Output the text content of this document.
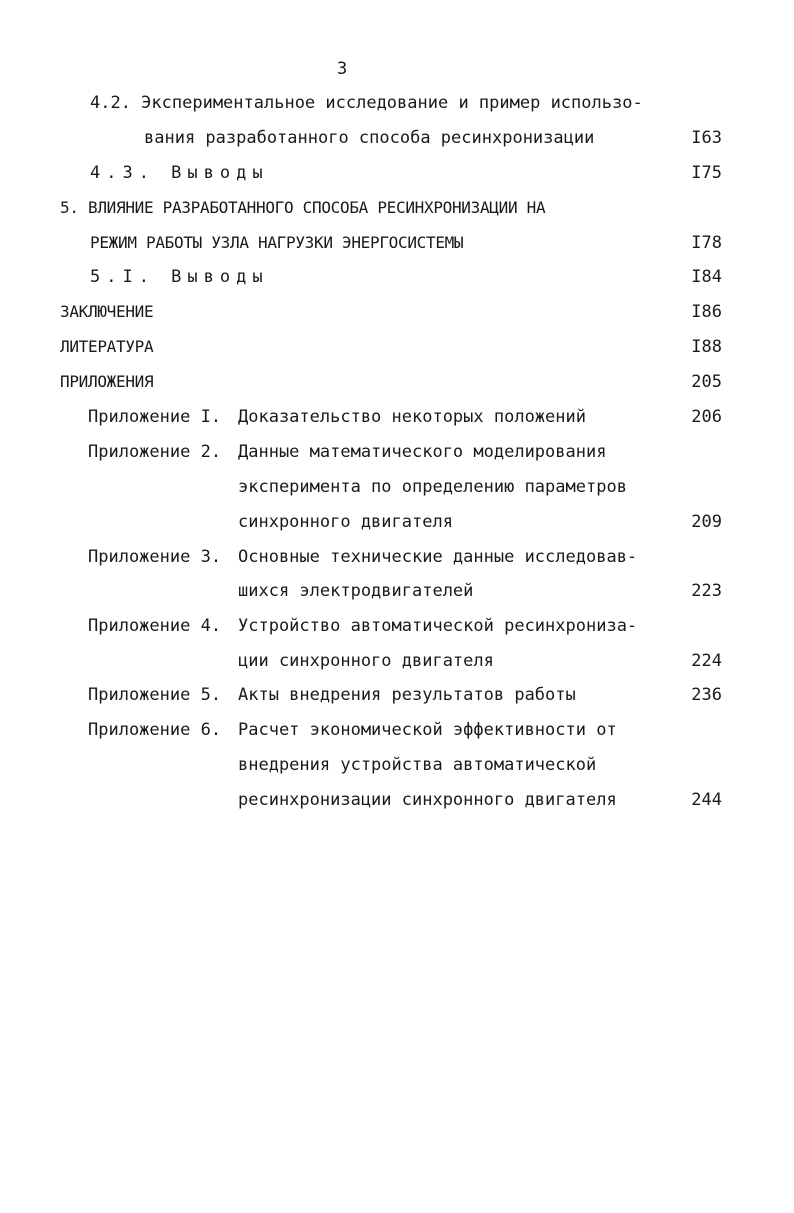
3
4.2. Экспериментальное исследование и пример использо-
вания разработанного способа ресинхронизации	I63
4.3. Выводы	I75
5. ВЛИЯНИЕ РАЗРАБОТАННОГО СПОСОБА РЕСИНХРОНИЗАЦИИ НА
РЕЖИМ РАБОТЫ УЗЛА НАГРУЗКИ ЭНЕРГОСИСТЕМЫ	I78
5.I. Выводы	I84
ЗАКЛЮЧЕНИЕ	I86
ЛИТЕРАТУРА	I88
ПРИЛОЖЕНИЯ	205
Приложение I. Доказательство некоторых положений	206
Приложение 2. Данные математического моделирования
эксперимента по определению параметров
синхронного двигателя	209
Приложение 3. Основные технические данные исследовав-
шихся электродвигателей	223
Приложение 4. Устройство автоматической ресинхрониза-
ции синхронного двигателя	224
Приложение 5. Акты внедрения результатов работы	236
Приложение 6. Расчет экономической эффективности от
внедрения устройства автоматической
ресинхронизации синхронного двигателя	244
